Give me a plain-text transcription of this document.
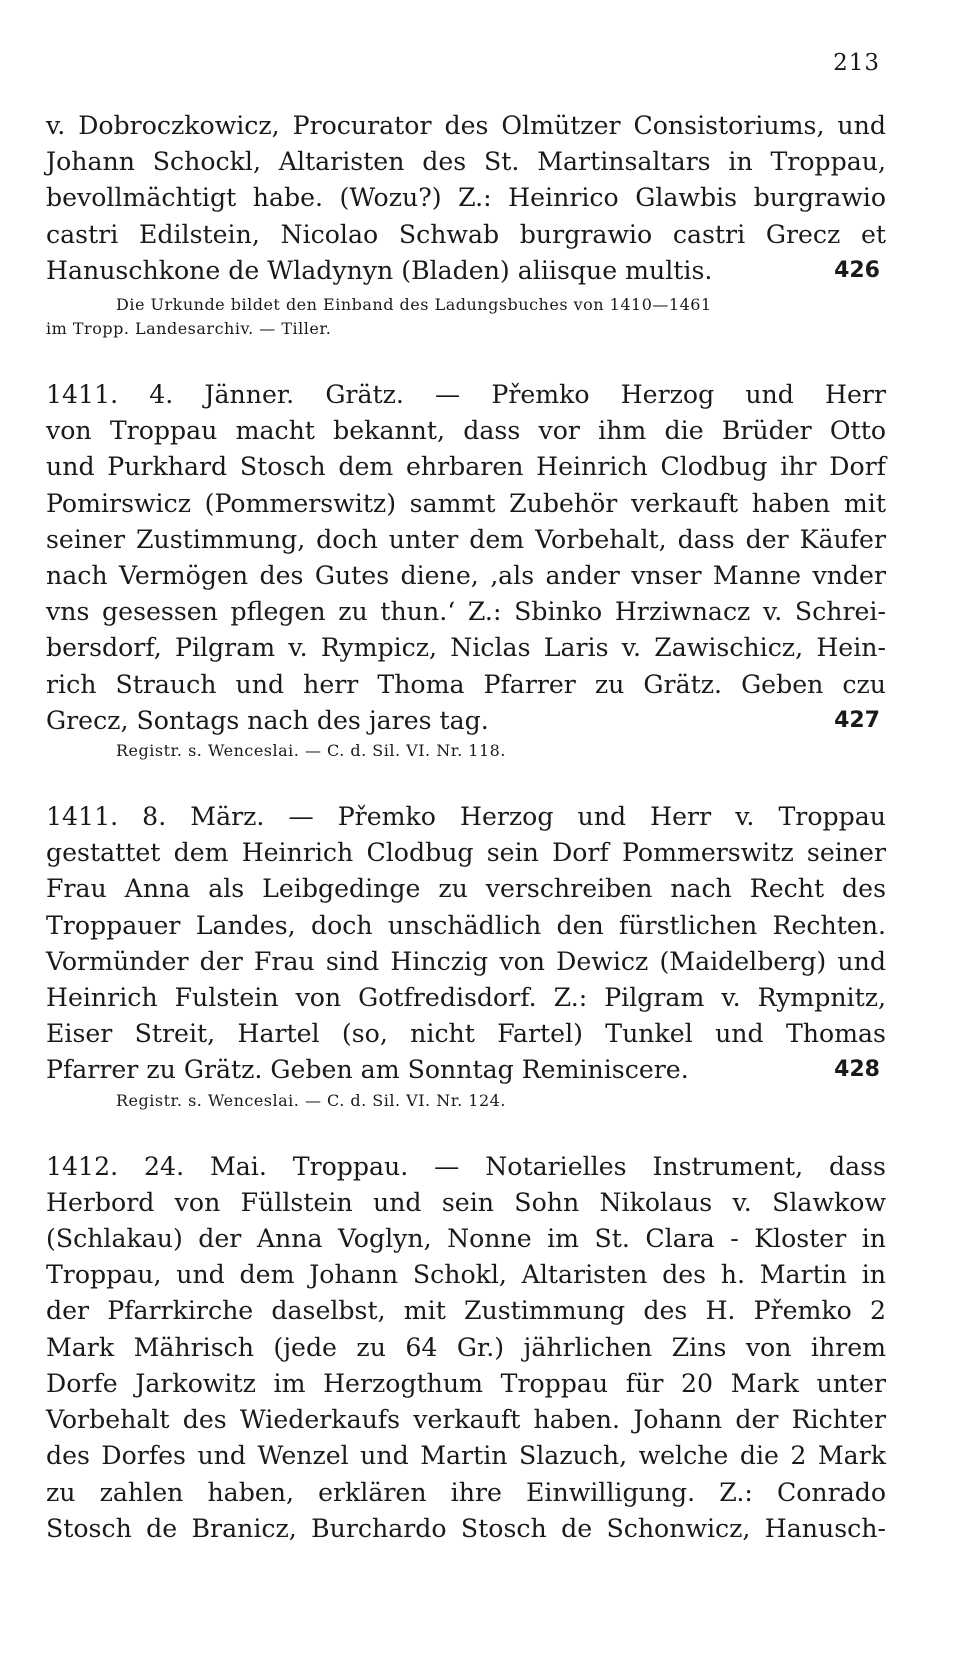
213
v. Dobroczkowicz, Procurator des Olmützer Consistoriums, und
Johann Schockl, Altaristen des St. Martinsaltars in Troppau,
bevollmächtigt habe. (Wozu?) Z.: Heinrico Glawbis burgrawio
castri Edilstein, Nicolao Schwab burgrawio castri Grecz et
Hanuschkone de Wladynyn (Bladen) aliisque multis.	426
Die Urkunde bildet den Einband des Ladungsbuches von 1410—1461
im Tropp. Landesarchiv. — Tiller.
1411. 4. Jänner. Grätz. — Přemko Herzog und Herr
von Troppau macht bekannt, dass vor ihm die Brüder Otto
und Purkhard Stosch dem ehrbaren Heinrich Clodbug ihr Dorf
Pomirswicz (Pommerswitz) sammt Zubehör verkauft haben mit
seiner Zustimmung, doch unter dem Vorbehalt, dass der Käufer
nach Vermögen des Gutes diene, ‚als ander vnser Manne vnder
vns gesessen pflegen zu thun.‘ Z.: Sbinko Hrziwnacz v. Schrei-
bersdorf, Pilgram v. Rympicz, Niclas Laris v. Zawischicz, Hein-
rich Strauch und herr Thoma Pfarrer zu Grätz. Geben czu
Grecz, Sontags nach des jares tag.	427
Registr. s. Wenceslai. — C. d. Sil. VI. Nr. 118.
1411. 8. März. — Přemko Herzog und Herr v. Troppau
gestattet dem Heinrich Clodbug sein Dorf Pommerswitz seiner
Frau Anna als Leibgedinge zu verschreiben nach Recht des
Troppauer Landes, doch unschädlich den fürstlichen Rechten.
Vormünder der Frau sind Hinczig von Dewicz (Maidelberg) und
Heinrich Fulstein von Gotfredisdorf. Z.: Pilgram v. Rympnitz,
Eiser Streit, Hartel (so, nicht Fartel) Tunkel und Thomas
Pfarrer zu Grätz. Geben am Sonntag Reminiscere.	428
Registr. s. Wenceslai. — C. d. Sil. VI. Nr. 124.
1412. 24. Mai. Troppau. — Notarielles Instrument, dass
Herbord von Füllstein und sein Sohn Nikolaus v. Slawkow
(Schlakau) der Anna Voglyn, Nonne im St. Clara - Kloster in
Troppau, und dem Johann Schokl, Altaristen des h. Martin in
der Pfarrkirche daselbst, mit Zustimmung des H. Přemko 2
Mark Mährisch (jede zu 64 Gr.) jährlichen Zins von ihrem
Dorfe Jarkowitz im Herzogthum Troppau für 20 Mark unter
Vorbehalt des Wiederkaufs verkauft haben. Johann der Richter
des Dorfes und Wenzel und Martin Slazuch, welche die 2 Mark
zu zahlen haben, erklären ihre Einwilligung. Z.: Conrado
Stosch de Branicz, Burchardo Stosch de Schonwicz, Hanusch-
